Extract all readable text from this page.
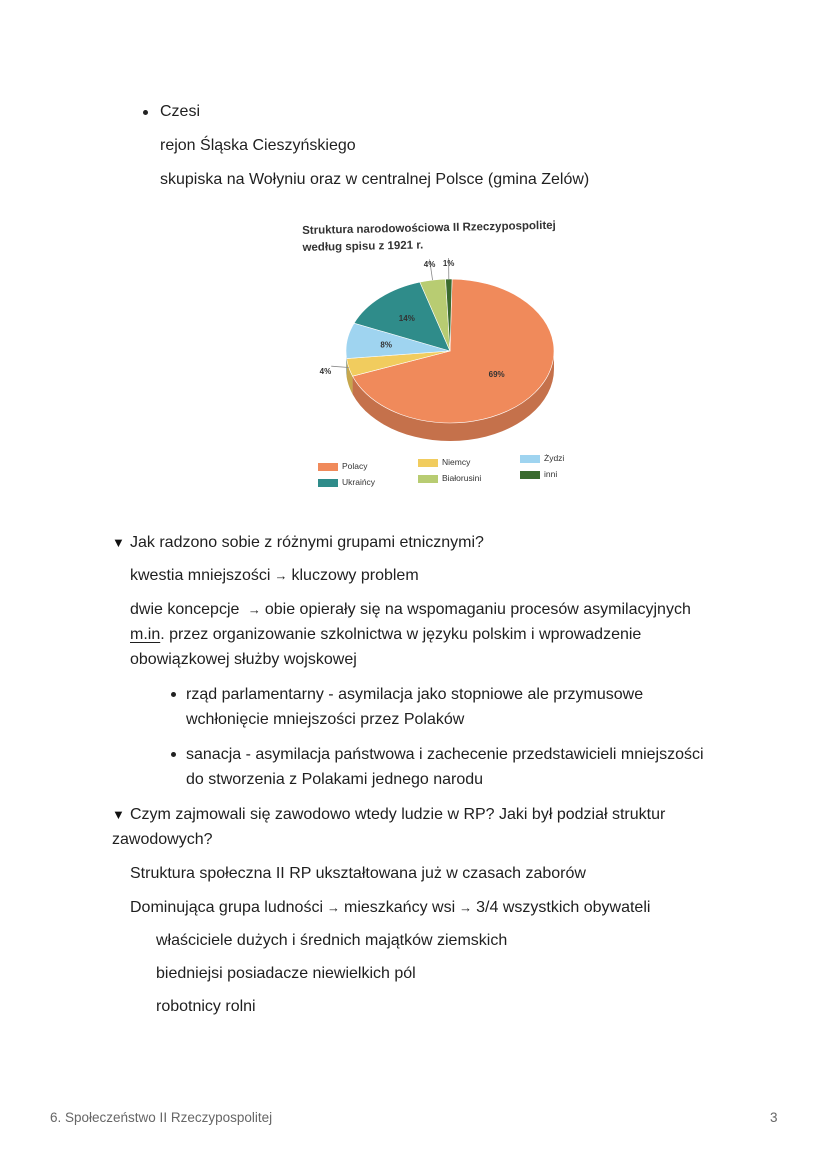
Czesi
rejon Śląska Cieszyńskiego
skupiska na Wołyniu oraz w centralnej Polsce (gmina Zelów)
Struktura narodowościowa II Rzeczypospolitej
według spisu z 1921 r.
69%
4%
8%
14%
4% 1%
Polacy
Ukraińcy
Niemcy
Białorusini
Żydzi
inni
▼ Jak radzono sobie z różnymi grupami etnicznymi?
kwestia mniejszości → kluczowy problem
dwie koncepcje → obie opierały się na wspomaganiu procesów asymilacyjnych
m.in. przez organizowanie szkolnictwa w języku polskim i wprowadzenie
obowiązkowej służby wojskowej
rząd parlamentarny - asymilacja jako stopniowe ale przymusowe
wchłonięcie mniejszości przez Polaków
sanacja - asymilacja państwowa i zachecenie przedstawicieli mniejszości
do stworzenia z Polakami jednego narodu
▼ Czym zajmowali się zawodowo wtedy ludzie w RP? Jaki był podział struktur
zawodowych?
Struktura społeczna II RP ukształtowana już w czasach zaborów
Dominująca grupa ludności → mieszkańcy wsi → 3/4 wszystkich obywateli
właściciele dużych i średnich majątków ziemskich
biedniejsi posiadacze niewielkich pól
robotnicy rolni
6. Społeczeństwo II Rzeczypospolitej	3
